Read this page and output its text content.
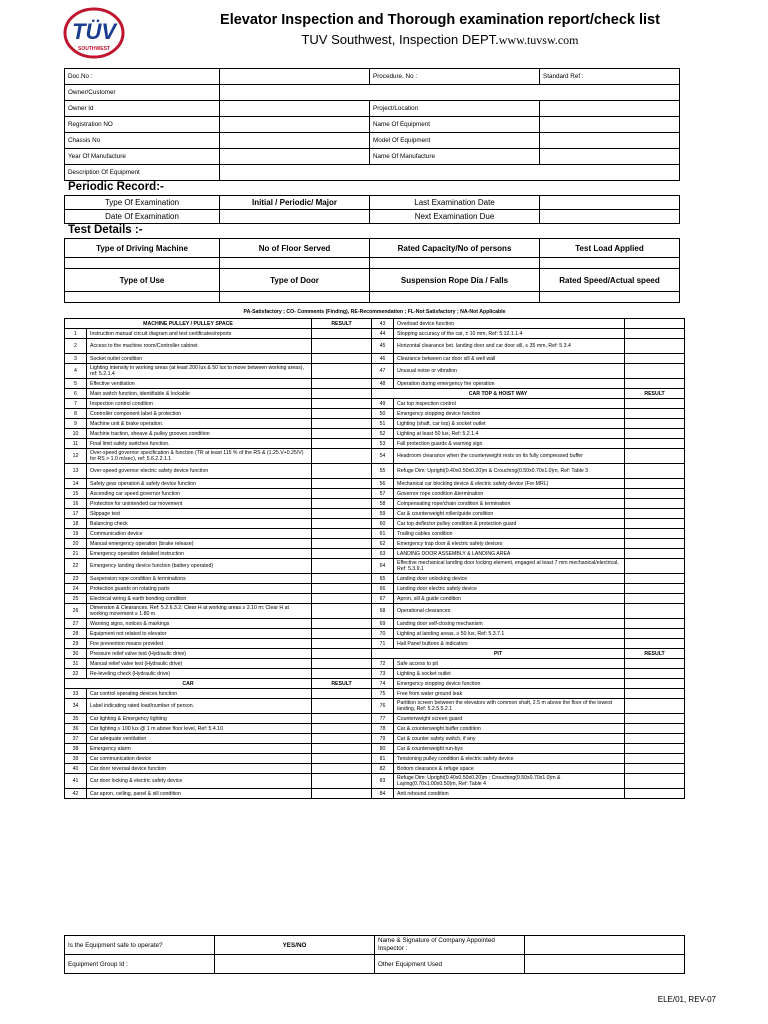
TÜV
SOUTHWEST
Elevator Inspection and Thorough examination report/check list
TUV Southwest, Inspection DEPT.www.tuvsw.com
Doc.No :		Procedure. No :	Standard Ref :
Owner/Customer			
Owner Id		Project/Location	
Registration NO		Name Of Equipment	
Chassis No		Model Of Equipment	
Year Of Manufacture		Name Of Manufacture	
Description Of Equipment			
Periodic Record:-
Type Of Examination	Initial / Periodic/ Major	Last Examination Date	
Date Of Examination		Next Examination Due	
Test Details :-
Type of Driving Machine	No of Floor Served	Rated Capacity/No of persons	Test Load Applied

Type of Use	Type of Door	Suspension Rope Dia / Falls	Rated Speed/Actual speed

PA-Satisfactory ; CO- Comments (Finding), RE-Recommendation ; FL-Not Satisfactory ; NA-Not Applicable					
MACHINE PULLEY / PULLEY SPACE		RESULT	43	Overload device function	
1	Instruction manual circuit diagram and test certificates/reports		44	Stopping accuracy of the car, ± 10 mm, Ref: 5.12.1.1.4	
2	Access to the machine room/Controller cabinet		45	Horizontal clearance bet. landing door and car door sill, ≤ 35 mm, Ref: 5.3.4	
3	Socket outlet condition		46	Clearance between car door sill & well wall	
4	Lighting intensity in working areas (at least 200 lux & 50 lux to move between working areas), ref: 5.2.1.4		47	Unusual noise or vibration	
5	Effective ventilation		48	Operation during emergency fire operation	
6	Main switch function, identifiable & lockable		CAR TOP & HOIST WAY		RESULT
7	Inspection control condition		49	Car top inspection control	
8	Controller component label & protection		50	Emergency stopping device function	
9	Machine unit & brake operation.		51	Lighting (shaft, car top) & socket outlet	
10	Machine traction, sheave & pulley grooves condition		52	Lighting at least 50 lux, Ref: 5.2.1.4	
11	Final limit safety switches function.		53	Fall protection guards & warning sign	
12	Over-speed governor specification & function (TR at least 115 % of the RS & (1.25.V+0.25/V) for RS > 1.0 m/sec), ref: 5.6.2.2.1.1		54	Headroom clearance when the counterweight rests on its fully compressed buffer	
13	Over-speed governor electric safety device function		55	Refuge Dim: Upright(0.40x0.50x0.20)m & Crouching(0.50x0.70x1.0)m, Ref: Table 3	
14	Safety gear operation & safety device function		56	Mechanical car blocking device & electric safety device (For MRL)	
15	Ascending car speed governor function		57	Governor rope condition &termination	
16	Protection for unintended car movement		58	Compensating rope/chain condition & termination	
17	Slippage test		59	Car & counterweight roller/guide condition	
18	Balancing check		60	Car top deflector pulley condition & protection guard	
19	Communication device		61	Trailing cables condition	
20	Manual emergency operation (brake release)		62	Emergency trap door & electric safety devices	
21	Emergency operation detailed instruction		63	LANDING DOOR ASSEMBLY & LANDING AREA	
22	Emergency landing device function (battery operated)		64	Effective mechanical landing door locking element, engaged at least 7 mm mechanical/electrical, Ref: 5.3.9.1	
23	Suspension rope condition & terminations		65	Landing door unlocking device	
24	Protection guards on rotating parts		66	Landing door electric safety device	
25	Electrical wiring & earth bonding condition		67	Apron, sill & guide condition	
26	Dimension & Clearances. Ref: 5.2.6.3.2; Clear H at working areas ≥ 2.10 m; Clear H at working movement ≥ 1.80 m		68	Operational clearances	
27	Warning signs, notices & markings		69	Landing door self-closing mechanism	
28	Equipment not related to elevator		70	Lighting at landing areas, ≥ 50 lux, Ref: 5.3.7.1	
29	Fire prevention means provided		71	Hall Panel buttons & indicators	
30	Pressure relief valve test (Hydraulic drive)		PIT		RESULT
31	Manual relief valve test (Hydraulic drive)		72	Safe access to pit	
32	Re-leveling check (Hydraulic drive)		73	Lighting & socket outlet	
CAR		RESULT	74	Emergency stopping device function	
33	Car control operating devices function		75	Free from water ground leak	
34	Label indicating rated load/number of person.		76	Partition screen between the elevators with common shaft, 2.5 m above the floor of the lowest landing, Ref: 5.2.5.5.2.1	
35	Car lighting & Emergency lighting		77	Counterweight screen guard	
36	Car lighting ≥ 100 lux @ 1 m above floor level, Ref: 5.4.10		78	Car & counterweight buffer condition	
37	Car adequate ventilation		79	Car & counter safety switch, if any	
38	Emergency alarm		80	Car & counterweight run-bys	
39	Car communication device		81	Tensioning pulley condition & electric safety device	
40	Car door reversal device function		82	Bottom clearance & refuge space	
41	Car door locking & electric safety device		83	Refuge Dim: Upright(0.40x0.50x0.20)m ; Crouching(0.50x0.70x1.0)m & Laying(0.70x1.00x0.50)m, Ref: Table 4	
42	Car apron, ceiling, panel & sill condition		84	Anti rebound condition	
Is the Equipment safe to operate?	YES/NO	Name & Signature of Company Appointed Inspector :	
Equipment Group Id :		Other Equipment Used	
ELE/01, REV-07
